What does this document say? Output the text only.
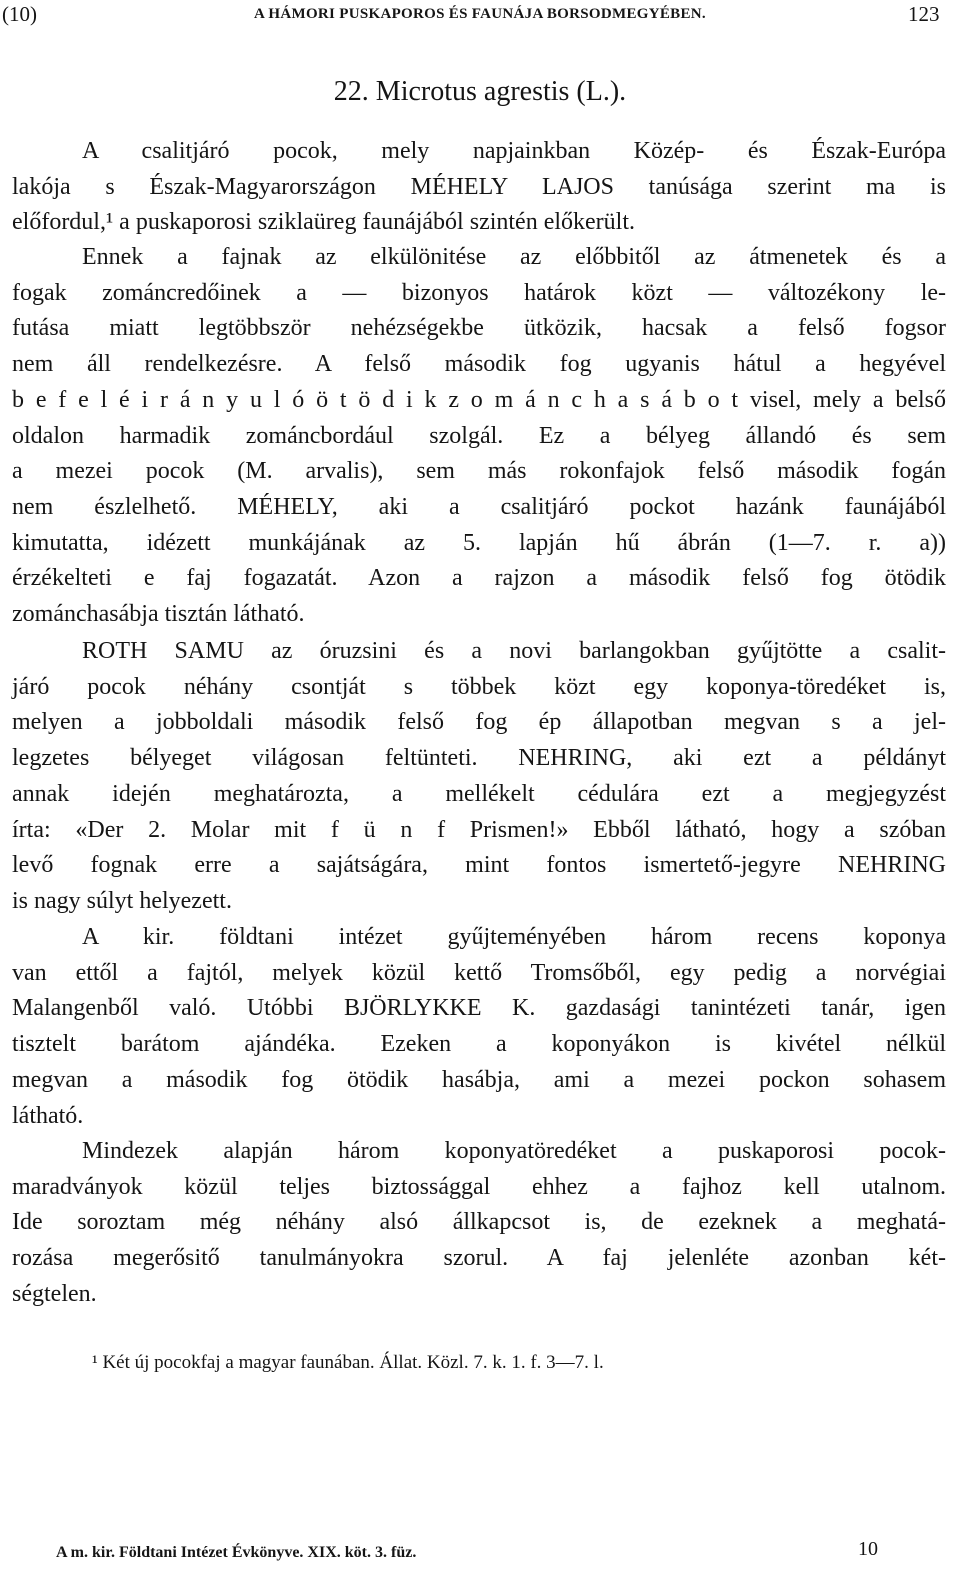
(10)	A HÁMORI PUSKAPOROS ÉS FAUNÁJA BORSODMEGYÉBEN.	123
22. Microtus agrestis (L.).
A csalitjáró pocok, mely napjainkban Közép- és Észak-Európa
lakója s Észak-Magyarországon MÉHELY LAJOS tanúsága szerint ma is
előfordul,¹ a puskaporosi sziklaüreg faunájából szintén előkerült.
Ennek a fajnak az elkülönitése az előbbitől az átmenetek és a
fogak zománcredőinek a — bizonyos határok közt — változékony le-
futása miatt legtöbbször nehézségekbe ütközik, hacsak a felső fogsor
nem áll rendelkezésre. A felső második fog ugyanis hátul a hegyével
b e f e l é i r á n y u l ó ö t ö d i k z o m á n c h a s á b o t visel, mely a belső
oldalon harmadik zománcbordául szolgál. Ez a bélyeg állandó és sem
a mezei pocok (M. arvalis), sem más rokonfajok felső második fogán
nem észlelhető. MÉHELY, aki a csalitjáró pockot hazánk faunájából
kimutatta, idézett munkájának az 5. lapján hű ábrán (1—7. r. a))
érzékelteti e faj fogazatát. Azon a rajzon a második felső fog ötödik
zománchasábja tisztán látható.
ROTH SAMU az óruzsini és a novi barlangokban gyűjtötte a csalit-
járó pocok néhány csontját s többek közt egy koponya-töredéket is,
melyen a jobboldali második felső fog ép állapotban megvan s a jel-
legzetes bélyeget világosan feltünteti. NEHRING, aki ezt a példányt
annak idején meghatározta, a mellékelt cédulára ezt a megjegyzést
írta: «Der 2. Molar mit f ü n f Prismen!» Ebből látható, hogy a szóban
levő fognak erre a sajátságára, mint fontos ismertető-jegyre NEHRING
is nagy súlyt helyezett.
A kir. földtani intézet gyűjteményében három recens koponya
van ettől a fajtól, melyek közül kettő Tromsőből, egy pedig a norvégiai
Malangenből való. Utóbbi BJÖRLYKKE K. gazdasági tanintézeti tanár, igen
tisztelt barátom ajándéka. Ezeken a koponyákon is kivétel nélkül
megvan a második fog ötödik hasábja, ami a mezei pockon sohasem
látható.
Mindezek alapján három koponyatöredéket a puskaporosi pocok-
maradványok közül teljes biztossággal ehhez a fajhoz kell utalnom.
Ide soroztam még néhány alsó állkapcsot is, de ezeknek a meghatá-
rozása megerősitő tanulmányokra szorul. A faj jelenléte azonban két-
ségtelen.
¹ Két új pocokfaj a magyar faunában. Állat. Közl. 7. k. 1. f. 3—7. l.
A m. kir. Földtani Intézet Évkönyve. XIX. köt. 3. füz.	10
